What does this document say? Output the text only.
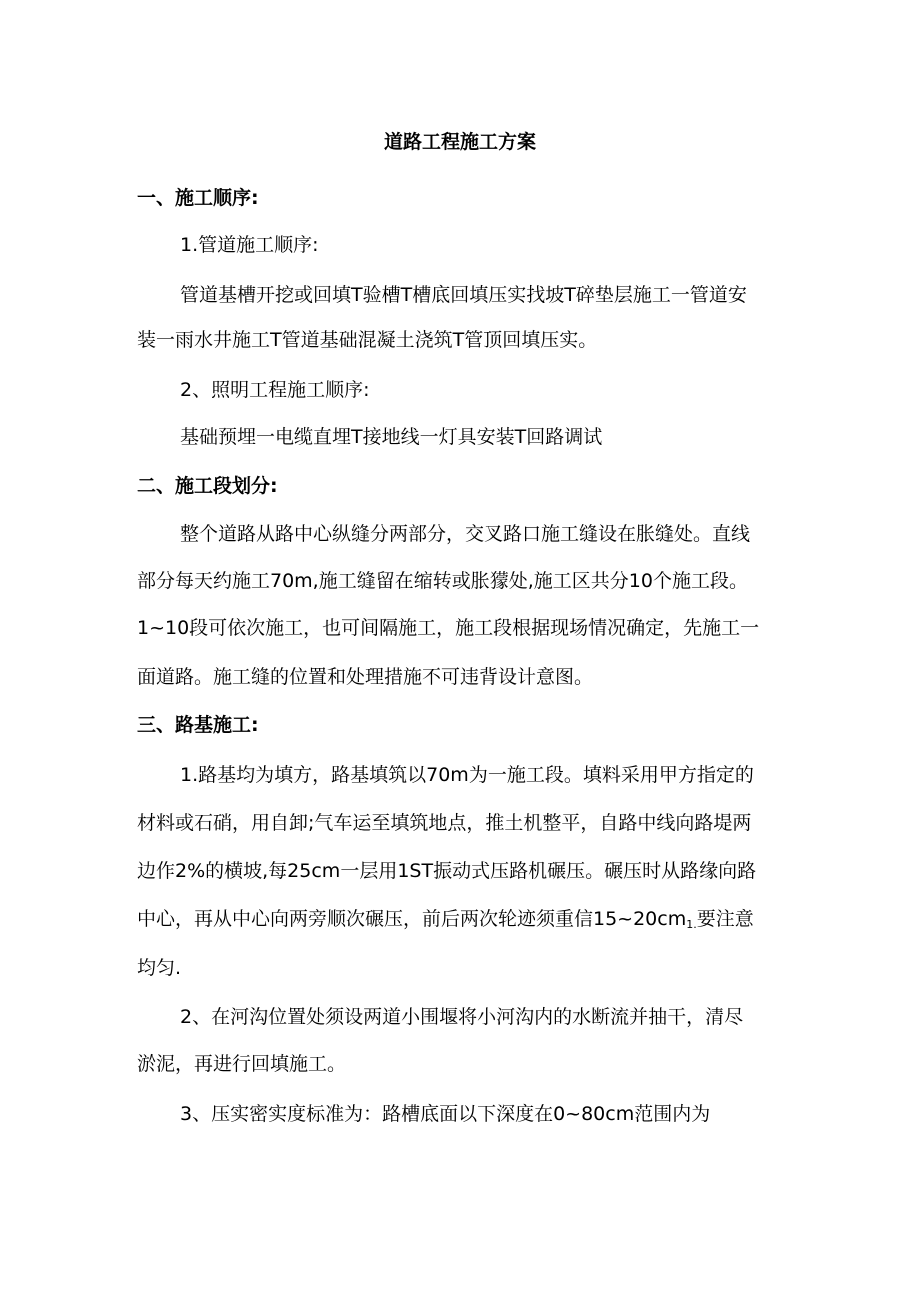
道路工程施工方案
一、施工顺序:
1.管道施工顺序:
管道基槽开挖或回填T验槽T槽底回填压实找坡T碎垫层施工一管道安
装一雨水井施工T管道基础混凝土浇筑T管顶回填压实。
2、照明工程施工顺序:
基础预埋一电缆直埋T接地线一灯具安装T回路调试
二、施工段划分:
整个道路从路中心纵缝分两部分，交叉路口施工缝设在胀缝处。直线
部分每天约施工70m,施工缝留在缩转或胀獴处,施工区共分10个施工段。
1~10段可依次施工，也可间隔施工，施工段根据现场情况确定，先施工一
面道路。施工缝的位置和处理措施不可违背设计意图。
三、路基施工:
1.路基均为填方，路基填筑以70m为一施工段。填料采用甲方指定的
材料或石硝，用自卸;气车运至填筑地点，推土机整平，自路中线向路堤两
边作2%的横坡,每25cm一层用1ST振动式压路机碾压。碾压时从路缘向路
中心，再从中心向两旁顺次碾压，前后两次轮迹须重信$15\sim 20cm_{1.}$要注意
均匀.
2、在河沟位置处须设两道小围堰将小河沟内的水断流并抽干，清尽
淤泥，再进行回填施工。
3、压实密实度标准为：路槽底面以下深度在0~80cm范围内为
